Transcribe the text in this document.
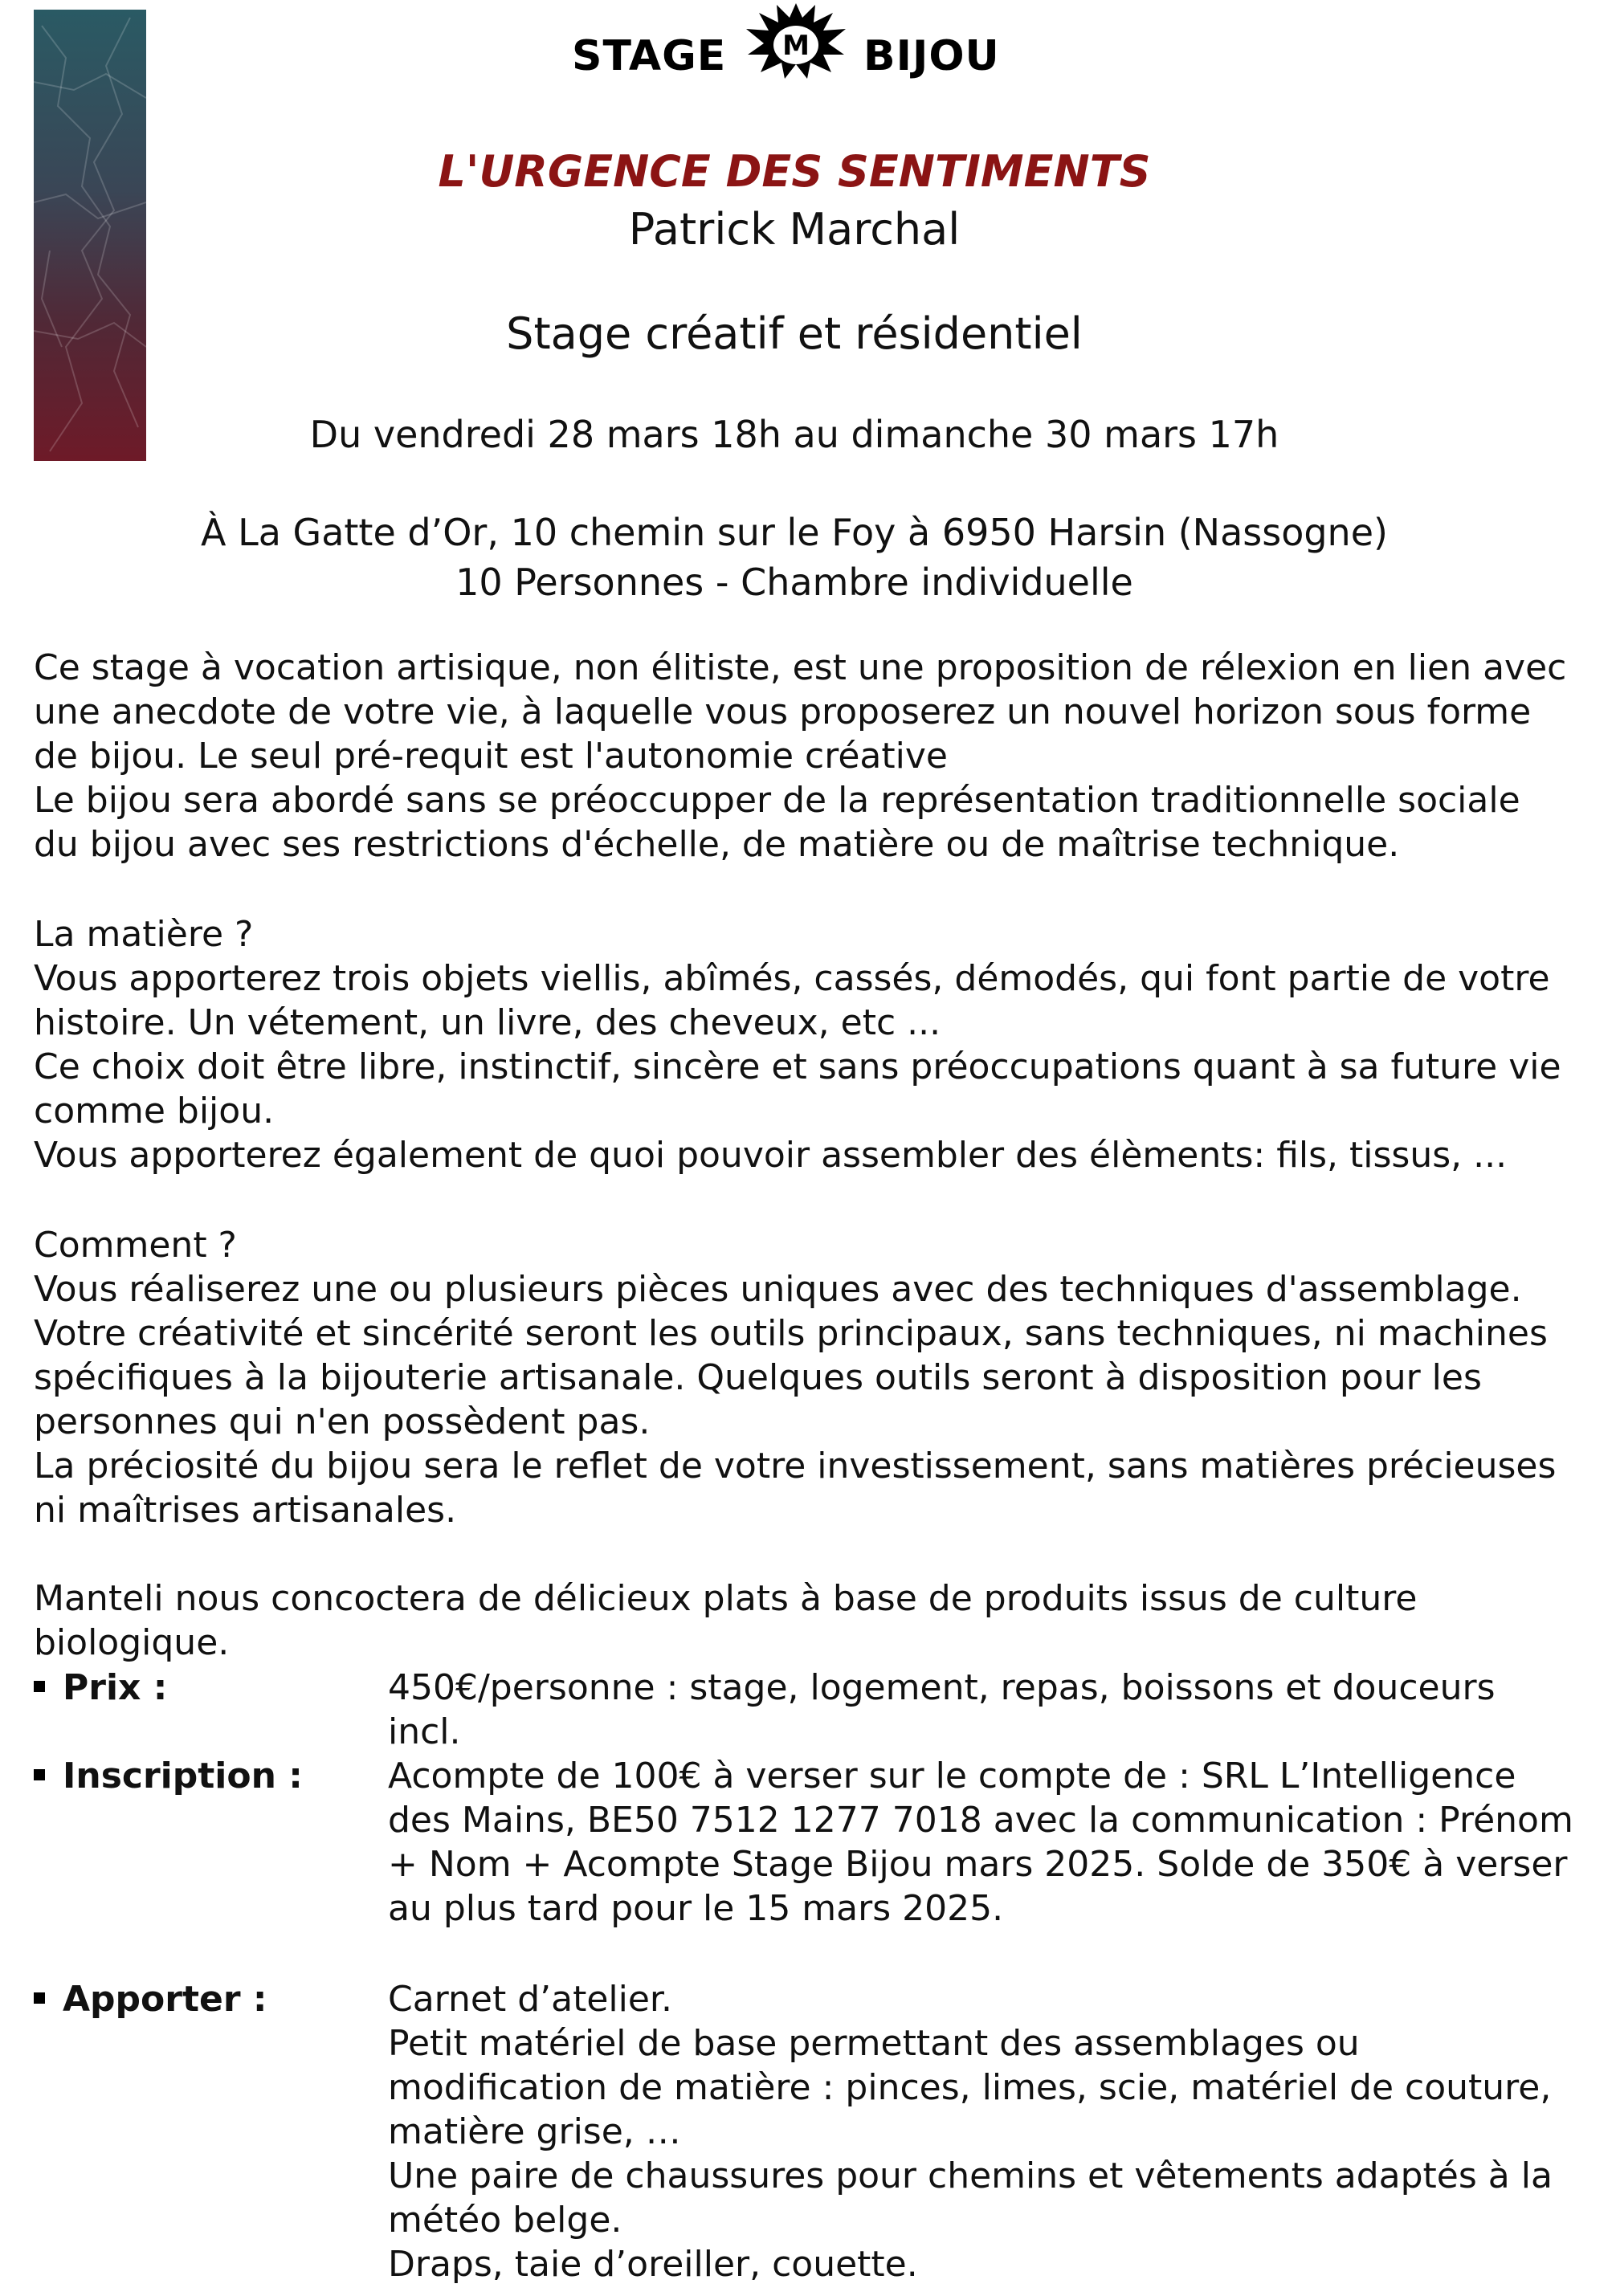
STAGE M BIJOU
L'URGENCE DES SENTIMENTS
Patrick Marchal
Stage créatif et résidentiel
Du vendredi 28 mars 18h au dimanche 30 mars 17h
À La Gatte d’Or, 10 chemin sur le Foy à 6950 Harsin (Nassogne)
10 Personnes - Chambre individuelle

Ce stage à vocation artisique, non élitiste, est une proposition de rélexion en lien avec une anecdote de votre vie, à laquelle vous proposerez un nouvel horizon sous forme de bijou. Le seul pré-requit est l'autonomie créative

Le bijou sera abordé sans se préoccupper de la représentation traditionnelle sociale du bijou avec ses restrictions d'échelle, de matière ou de maîtrise technique.

La matière ?

Vous apporterez trois objets viellis, abîmés, cassés, démodés, qui font partie de votre histoire. Un vétement, un livre, des cheveux, etc ...

Ce choix doit être libre, instinctif, sincère et sans préoccupations quant à sa future vie comme bijou.

Vous apporterez également de quoi pouvoir assembler des élèments: fils, tissus, ...

Comment ?

Vous réaliserez une ou plusieurs pièces uniques avec des techniques d'assemblage.

Votre créativité et sincérité seront les outils principaux, sans techniques, ni machines spécifiques à la bijouterie artisanale. Quelques outils seront à disposition pour les personnes qui n'en possèdent pas.

La préciosité du bijou sera le reflet de votre investissement, sans matières précieuses ni maîtrises artisanales.

Manteli nous concoctera de délicieux plats à base de produits issus de culture biologique.
Prix :	450€/personne : stage, logement, repas, boissons et douceurs incl.
Inscription : Acompte de 100€ à verser sur le compte de : SRL L’Intelligence des Mains, BE50 7512 1277 7018 avec la communication : Prénom + Nom + Acompte Stage Bijou mars 2025. Solde de 350€ à verser au plus tard pour le 15 mars 2025.
Apporter :	Carnet d’atelier.

Petit matériel de base permettant des assemblages ou modification de matière : pinces, limes, scie, matériel de couture, matière grise, …

Une paire de chaussures pour chemins et vêtements adaptés à la météo belge.

Draps, taie d’oreiller, couette.
